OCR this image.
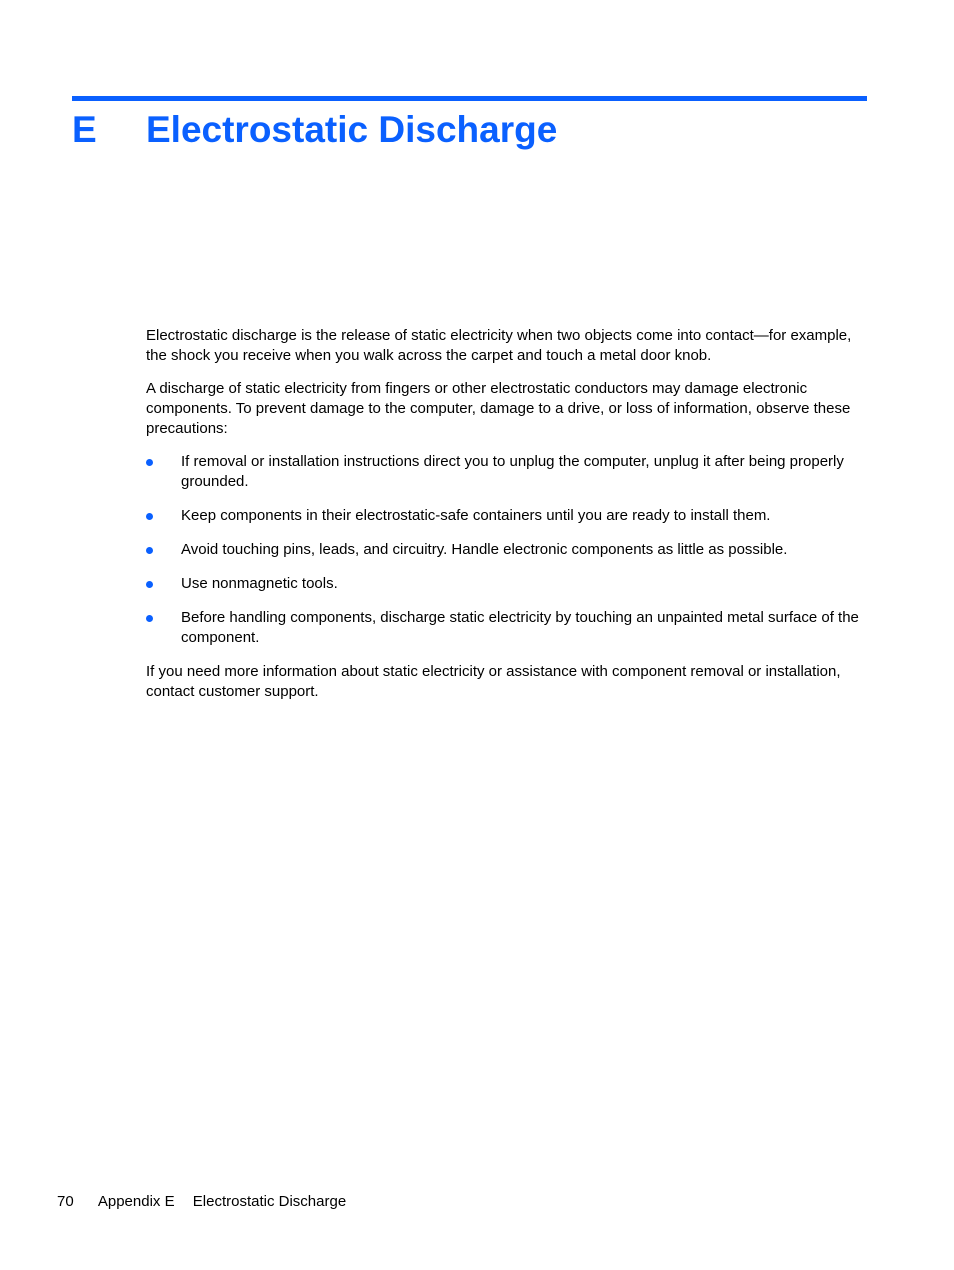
E Electrostatic Discharge

Electrostatic discharge is the release of static electricity when two objects come into contact—for example, the shock you receive when you walk across the carpet and touch a metal door knob.

A discharge of static electricity from fingers or other electrostatic conductors may damage electronic components. To prevent damage to the computer, damage to a drive, or loss of information, observe these precautions:

If removal or installation instructions direct you to unplug the computer, unplug it after being properly grounded.
Keep components in their electrostatic-safe containers until you are ready to install them.
Avoid touching pins, leads, and circuitry. Handle electronic components as little as possible.
Use nonmagnetic tools.
Before handling components, discharge static electricity by touching an unpainted metal surface of the component.

If you need more information about static electricity or assistance with component removal or installation, contact customer support.

70 Appendix E Electrostatic Discharge
